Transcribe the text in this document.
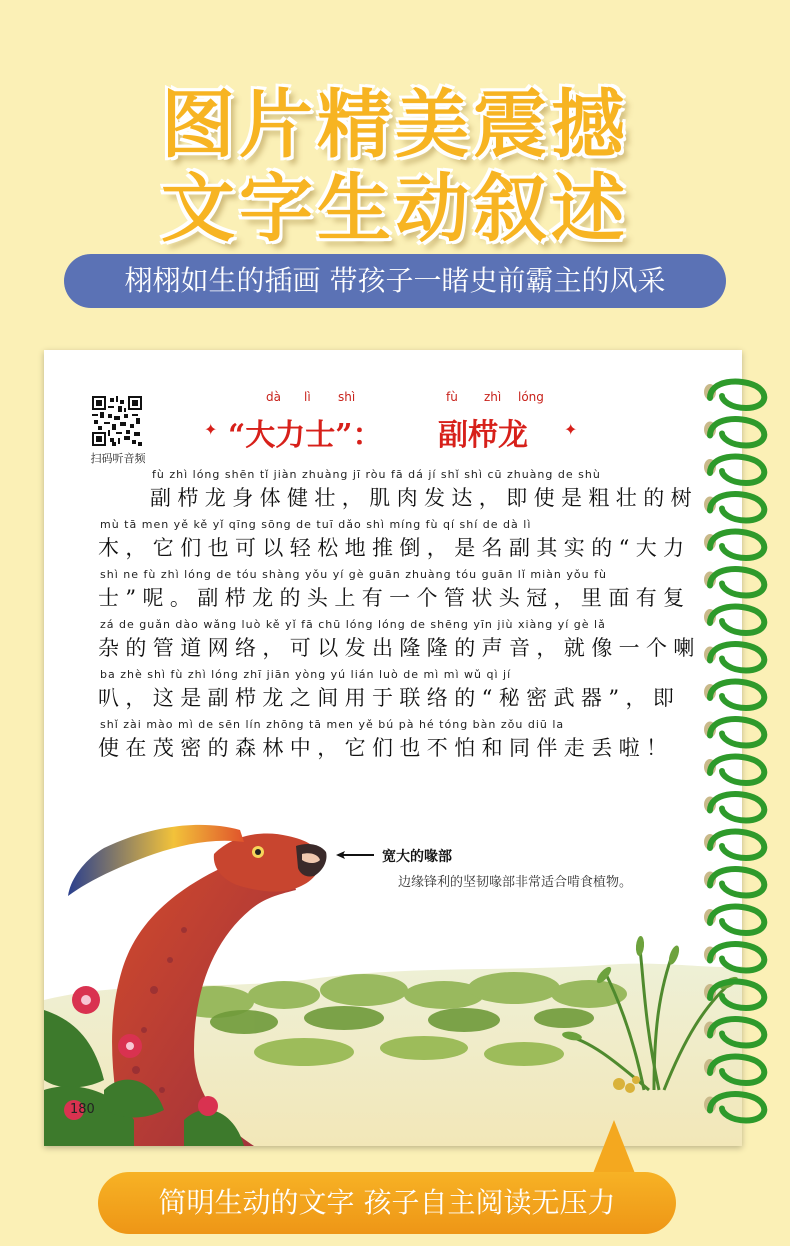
图片精美震撼
文字生动叙述
栩栩如生的插画 带孩子一睹史前霸主的风采
扫码听音频
✦
dà lì shì	fù zhì lóng
“大力士”： 副栉龙 ✦
fù zhì lóng shēn tǐ jiàn zhuàng jī ròu fā dá jí shǐ shì cū zhuàng de shù
副栉龙身体健壮，肌肉发达，即使是粗壮的树
mù tā men yě kě yǐ qīng sōng de tuī dǎo shì míng fù qí shí de dà lì
木，它们也可以轻松地推倒，是名副其实的“大力
shì ne fù zhì lóng de tóu shàng yǒu yí gè guān zhuàng tóu guān lǐ miàn yǒu fù
士”呢。副栉龙的头上有一个管状头冠，里面有复
zá de guǎn dào wǎng luò kě yǐ fā chū lóng lóng de shēng yīn jiù xiàng yí gè lǎ
杂的管道网络，可以发出隆隆的声音，就像一个喇
ba zhè shì fù zhì lóng zhī jiān yòng yú lián luò de mì mì wǔ qì jí
叭，这是副栉龙之间用于联络的“秘密武器”，即
shǐ zài mào mì de sēn lín zhōng tā men yě bú pà hé tóng bàn zǒu diū la
使在茂密的森林中，它们也不怕和同伴走丢啦！
宽大的喙部
边缘锋利的坚韧喙部非常适合啃食植物。
180
简明生动的文字 孩子自主阅读无压力
